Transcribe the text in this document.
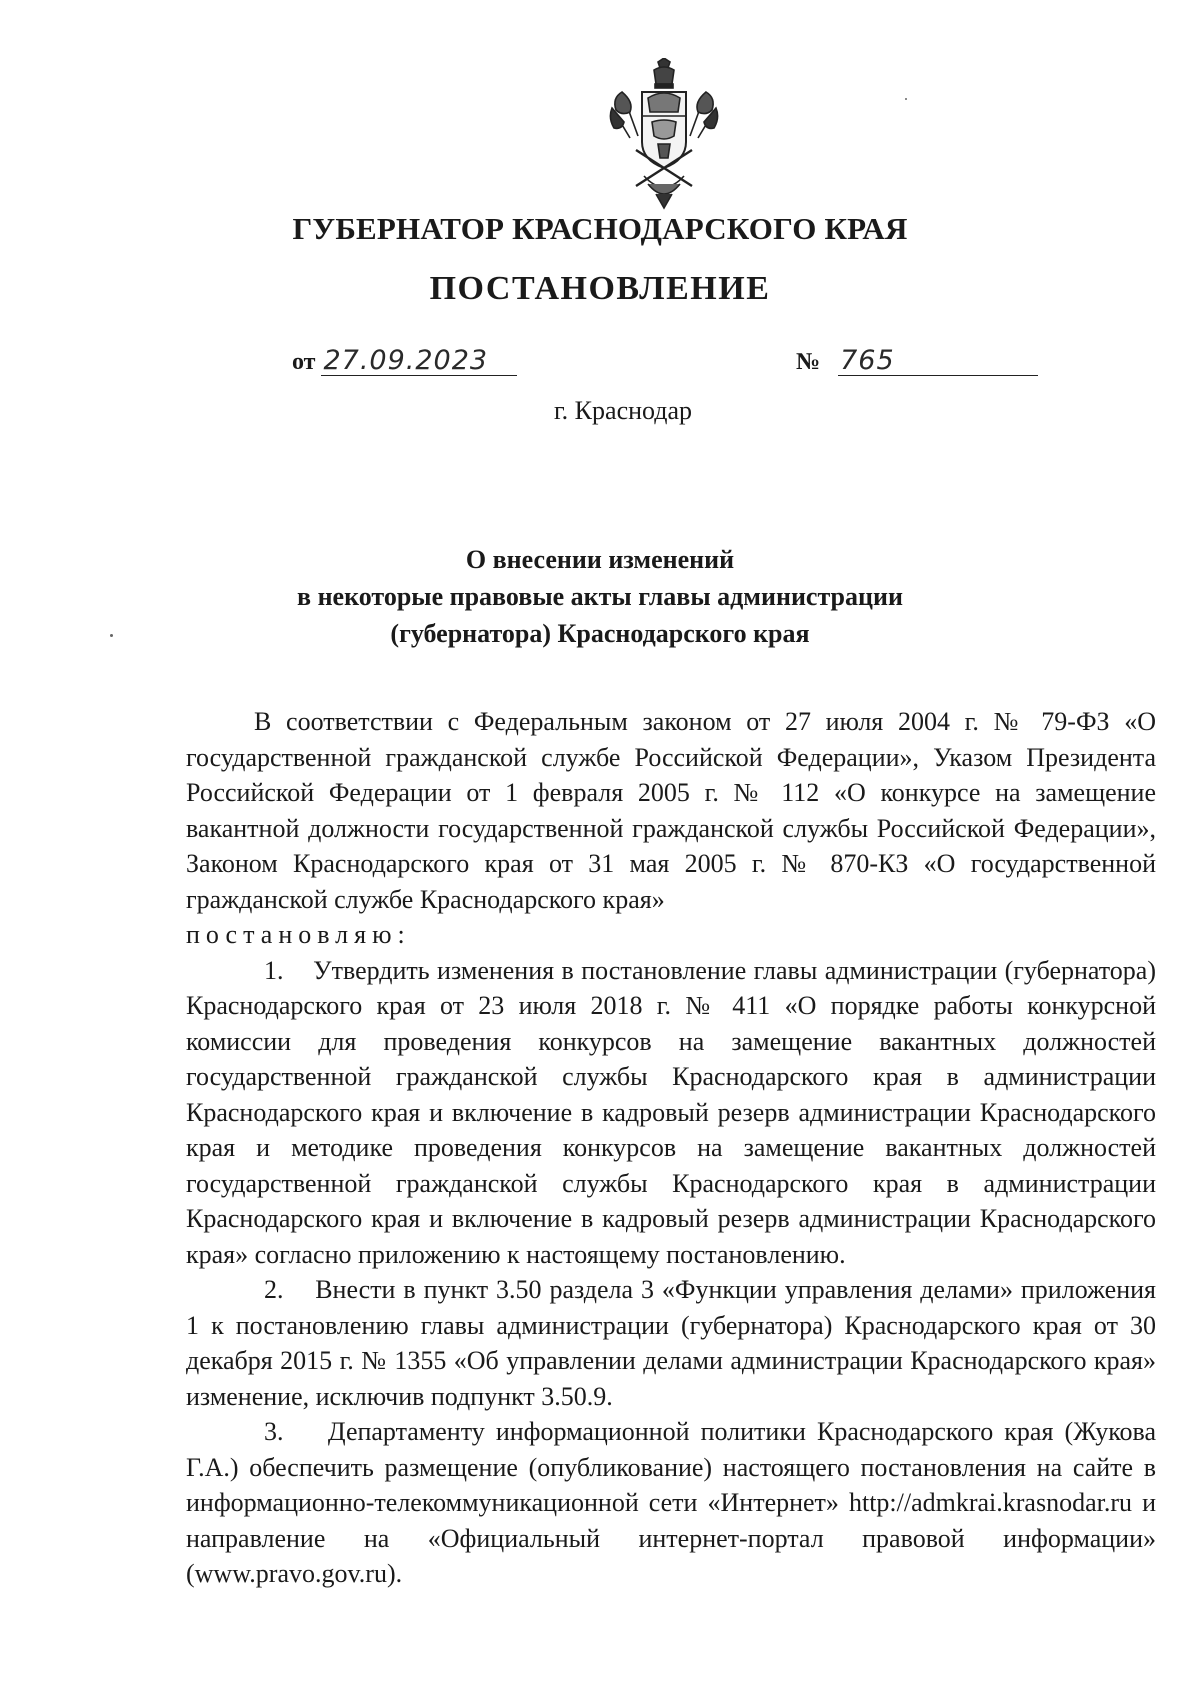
ГУБЕРНАТОР КРАСНОДАРСКОГО КРАЯ
ПОСТАНОВЛЕНИЕ
от 27.09.2023	№ 765
г. Краснодар
О внесении изменений
в некоторые правовые акты главы администрации
(губернатора) Краснодарского края

В соответствии с Федеральным законом от 27 июля 2004 г. № 79-ФЗ «О государственной гражданской службе Российской Федерации», Указом Президента Российской Федерации от 1 февраля 2005 г. № 112 «О конкурсе на замещение вакантной должности государственной гражданской службы Российской Федерации», Законом Краснодарского края от 31 мая 2005 г. № 870-КЗ «О государственной гражданской службе Краснодарского края»

постановляю:

1.    Утвердить изменения в постановление главы администрации (губернатора) Краснодарского края от 23 июля 2018 г. № 411 «О порядке работы конкурсной комиссии для проведения конкурсов на замещение вакантных должностей государственной гражданской службы Краснодарского края в администрации Краснодарского края и включение в кадровый резерв администрации Краснодарского края и методике проведения конкурсов на замещение вакантных должностей государственной гражданской службы Краснодарского края в администрации Краснодарского края и включение в кадровый резерв администрации Краснодарского края» согласно приложению к настоящему постановлению.

2.    Внести в пункт 3.50 раздела 3 «Функции управления делами» приложения 1 к постановлению главы администрации (губернатора) Краснодарского края от 30 декабря 2015 г. № 1355 «Об управлении делами администрации Краснодарского края» изменение, исключив подпункт 3.50.9.

3.    Департаменту информационной политики Краснодарского края (Жукова Г.А.) обеспечить размещение (опубликование) настоящего постановления на сайте в информационно-телекоммуникационной сети «Интернет» http://admkrai.krasnodar.ru и направление на «Официальный интернет-портал правовой информации» (www.pravo.gov.ru).
